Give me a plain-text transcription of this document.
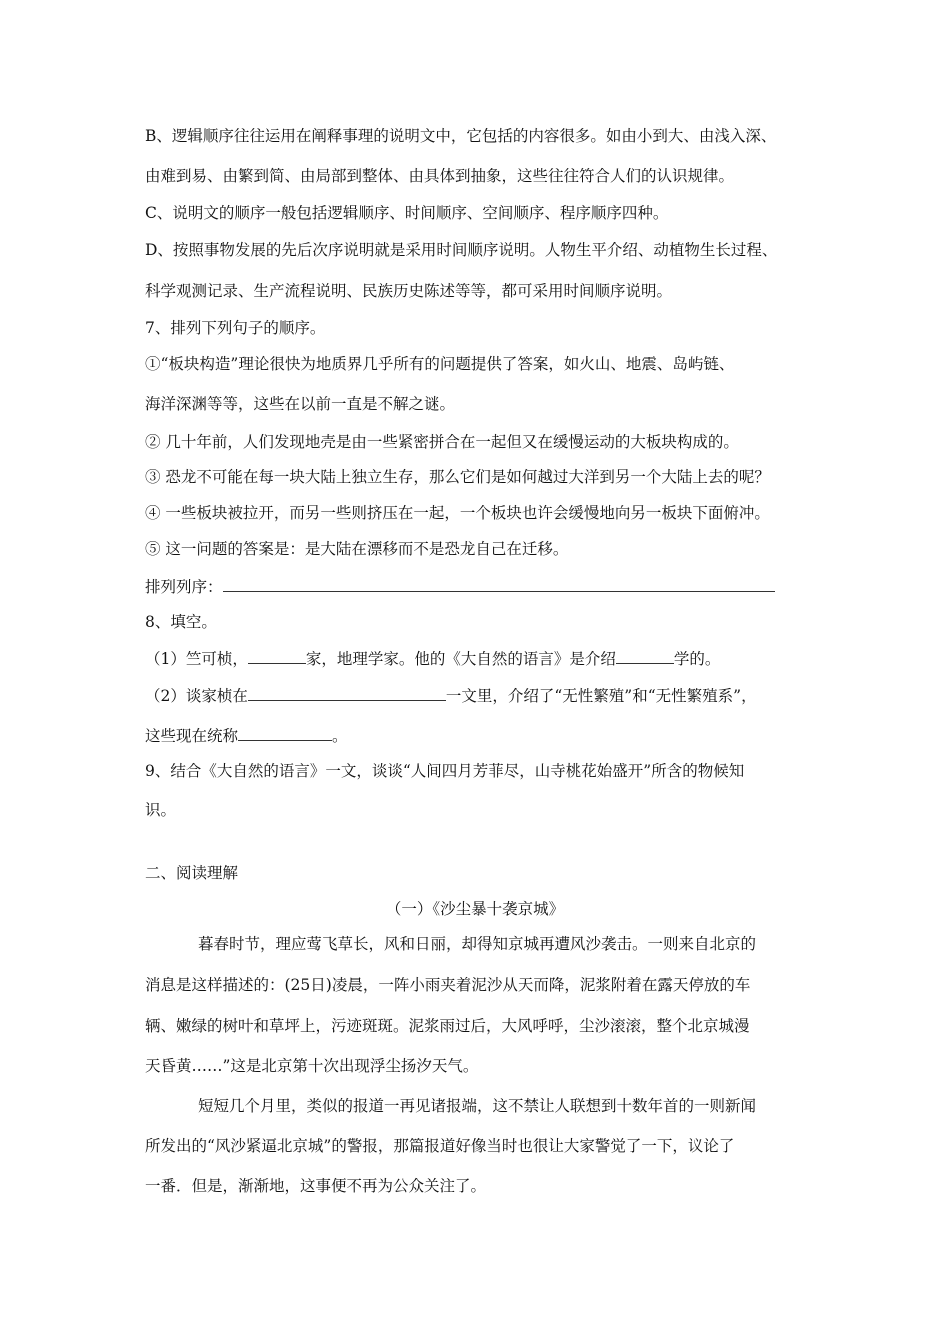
B、逻辑顺序往往运用在阐释事理的说明文中，它包括的内容很多。如由小到大、由浅入深、
由难到易、由繁到简、由局部到整体、由具体到抽象，这些往往符合人们的认识规律。
C、说明文的顺序一般包括逻辑顺序、时间顺序、空间顺序、程序顺序四种。
D、按照事物发展的先后次序说明就是采用时间顺序说明。人物生平介绍、动植物生长过程、
科学观测记录、生产流程说明、民族历史陈述等等，都可采用时间顺序说明。
7、排列下列句子的顺序。
①“板块构造”理论很快为地质界几乎所有的问题提供了答案，如火山、地震、岛屿链、
海洋深渊等等，这些在以前一直是不解之谜。
② 几十年前，人们发现地壳是由一些紧密拼合在一起但又在缓慢运动的大板块构成的。
③ 恐龙不可能在每一块大陆上独立生存，那么它们是如何越过大洋到另一个大陆上去的呢？
④ 一些板块被拉开，而另一些则挤压在一起，一个板块也许会缓慢地向另一板块下面俯冲。
⑤ 这一问题的答案是：是大陆在漂移而不是恐龙自己在迁移。
排列列序：
8、填空。
（1）竺可桢，	家，地理学家。他的《大自然的语言》是介绍	学的。
（2）谈家桢在	一文里，介绍了“无性繁殖”和“无性繁殖系”，
这些现在统称	。
9、结合《大自然的语言》一文，谈谈“人间四月芳菲尽，山寺桃花始盛开”所含的物候知
识。
二、阅读理解
（一）《沙尘暴十袭京城》
暮春时节，理应莺飞草长，风和日丽，却得知京城再遭风沙袭击。一则来自北京的
消息是这样描述的：(25日)凌晨，一阵小雨夹着泥沙从天而降，泥浆附着在露天停放的车
辆、嫩绿的树叶和草坪上，污迹斑斑。泥浆雨过后，大风呼呼，尘沙滚滚，整个北京城漫
天昏黄……”这是北京第十次出现浮尘扬汐天气。
短短几个月里，类似的报道一再见诸报端，这不禁让人联想到十数年首的一则新闻
所发出的“风沙紧逼北京城”的警报，那篇报道好像当时也很让大家警觉了一下，议论了
一番．但是，渐渐地，这事便不再为公众关注了。
